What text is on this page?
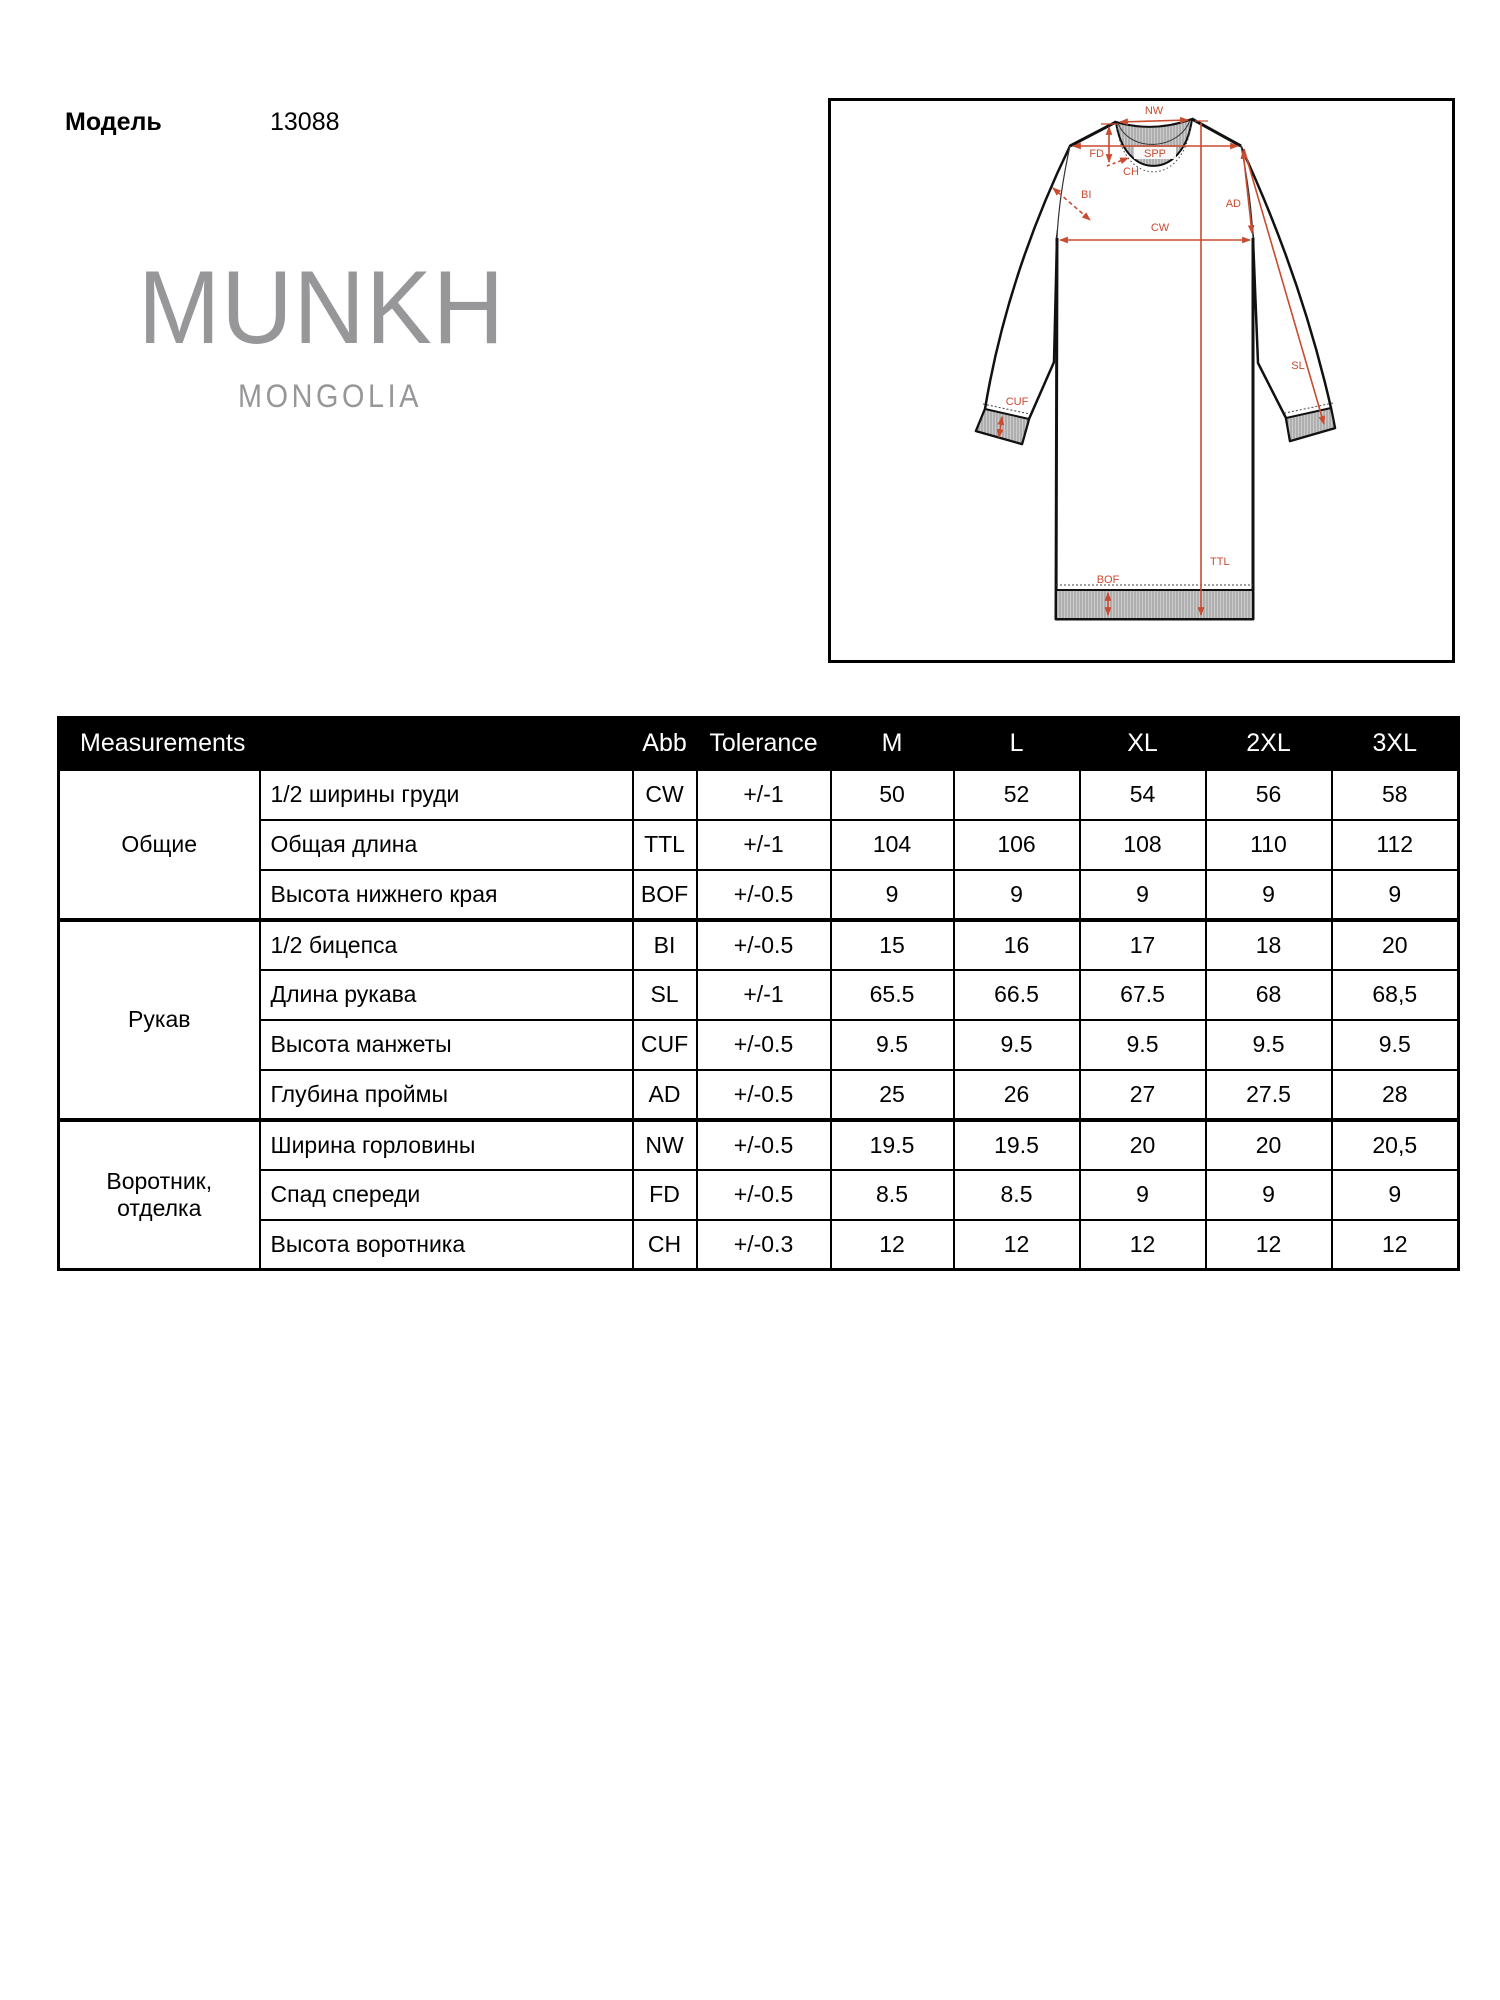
Модель	13088
MUNKH
MONGOLIA
NW
SPP
FD
CH
BI
AD
CW
SL
CUF
TTL
BOF
Measurements		Abb	Tolerance	M	L	XL	2XL	3XL
Общие	1/2 ширины груди	CW	+/-1	50	52	54	56	58
	Общая длина	TTL	+/-1	104	106	108	110	112
	Высота нижнего края	BOF	+/-0.5	9	9	9	9	9
Рукав	1/2 бицепса	BI	+/-0.5	15	16	17	18	20
	Длина рукава	SL	+/-1	65.5	66.5	67.5	68	68,5
	Высота манжеты	CUF	+/-0.5	9.5	9.5	9.5	9.5	9.5
	Глубина проймы	AD	+/-0.5	25	26	27	27.5	28
Воротник, отделка	Ширина горловины	NW	+/-0.5	19.5	19.5	20	20	20,5
	Спад спереди	FD	+/-0.5	8.5	8.5	9	9	9
	Высота воротника	CH	+/-0.3	12	12	12	12	12
